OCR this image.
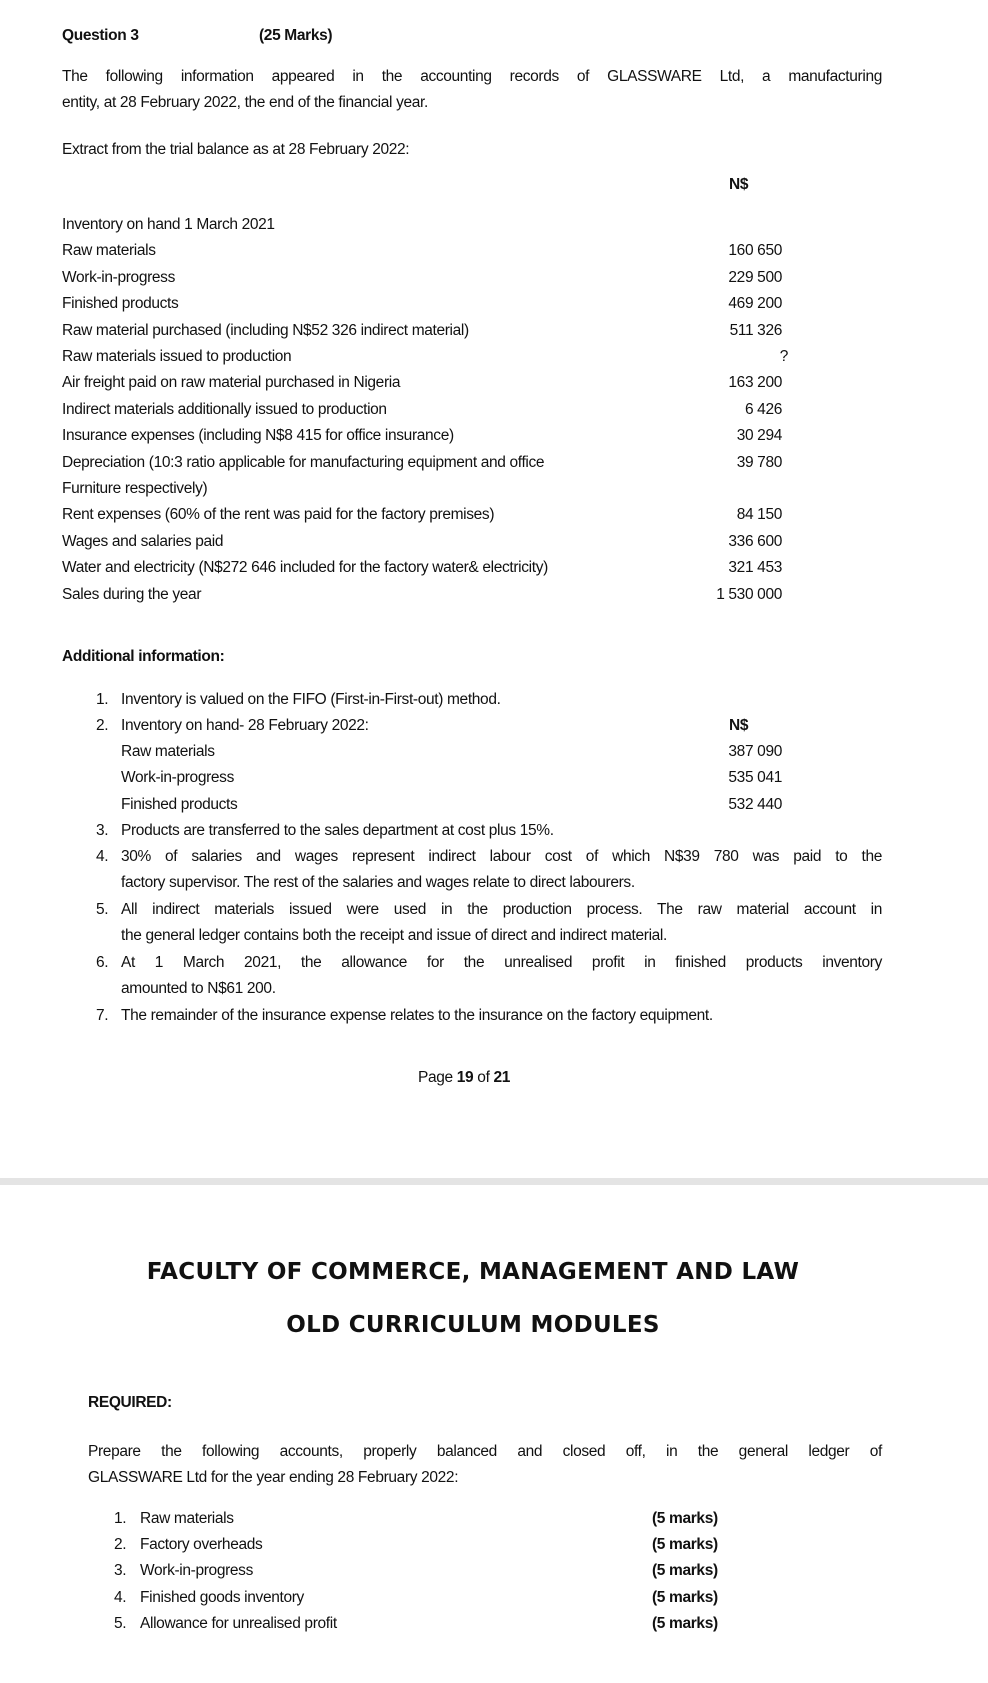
Question 3	(25 Marks)
The following information appeared in the accounting records of GLASSWARE Ltd, a manufacturing
entity, at 28 February 2022, the end of the financial year.
Extract from the trial balance as at 28 February 2022:
N$
Inventory on hand 1 March 2021
Raw materials	160 650
Work-in-progress	229 500
Finished products	469 200
Raw material purchased (including N$52 326 indirect material)	511 326
Raw materials issued to production	?
Air freight paid on raw material purchased in Nigeria	163 200
Indirect materials additionally issued to production	6 426
Insurance expenses (including N$8 415 for office insurance)	30 294
Depreciation (10:3 ratio applicable for manufacturing equipment and office	39 780
Furniture respectively)
Rent expenses (60% of the rent was paid for the factory premises)	84 150
Wages and salaries paid	336 600
Water and electricity (N$272 646 included for the factory water& electricity)	321 453
Sales during the year	1 530 000
Additional information:
1. Inventory is valued on the FIFO (First-in-First-out) method.
2. Inventory on hand- 28 February 2022:
3. Products are transferred to the sales department at cost plus 15%.
4. 30% of salaries and wages represent indirect labour cost of which N$39 780 was paid to the
factory supervisor. The rest of the salaries and wages relate to direct labourers.
5. All indirect materials issued were used in the production process. The raw material account in
the general ledger contains both the receipt and issue of direct and indirect material.
6. At 1 March 2021, the allowance for the unrealised profit in finished products inventory
amounted to N$61 200.
7. The remainder of the insurance expense relates to the insurance on the factory equipment.
N$
Raw materials	387 090
Work-in-progress	535 041
Finished products	532 440
Page 19 of 21
FACULTY OF COMMERCE, MANAGEMENT AND LAW
OLD CURRICULUM MODULES
REQUIRED:
Prepare the following accounts, properly balanced and closed off, in the general ledger of
GLASSWARE Ltd for the year ending 28 February 2022:
1. Raw materials	(5 marks)
2. Factory overheads	(5 marks)
3. Work-in-progress	(5 marks)
4. Finished goods inventory	(5 marks)
5. Allowance for unrealised profit	(5 marks)
